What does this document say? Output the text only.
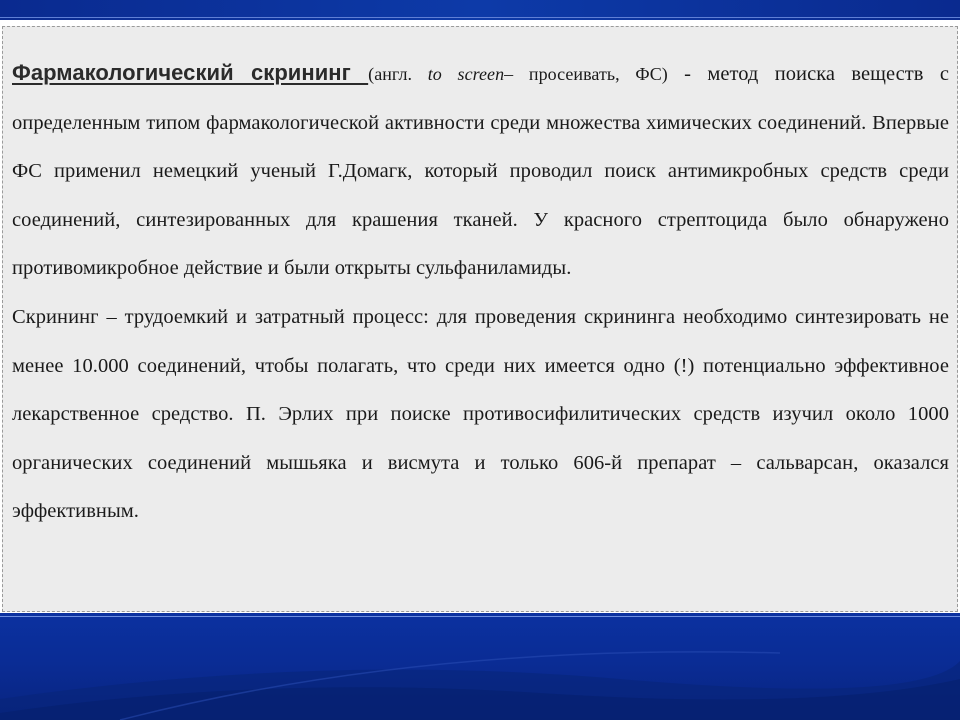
Фармакологический скрининг (англ. to screen– просеивать, ФС) - метод поиска веществ с определенным типом фармакологической активности среди множества химических соединений. Впервые ФС применил немецкий ученый Г.Домагк, который проводил поиск антимикробных средств среди соединений, синтезированных для крашения тканей. У красного стрептоцида было обнаружено противомикробное действие и были открыты сульфаниламиды.

Скрининг – трудоемкий и затратный процесс: для проведения скрининга необходимо синтезировать не менее 10.000 соединений, чтобы полагать, что среди них имеется одно (!) потенциально эффективное лекарственное средство. П. Эрлих при поиске противосифилитических средств изучил около 1000 органических соединений мышьяка и висмута и только 606-й препарат – сальварсан, оказался эффективным.
